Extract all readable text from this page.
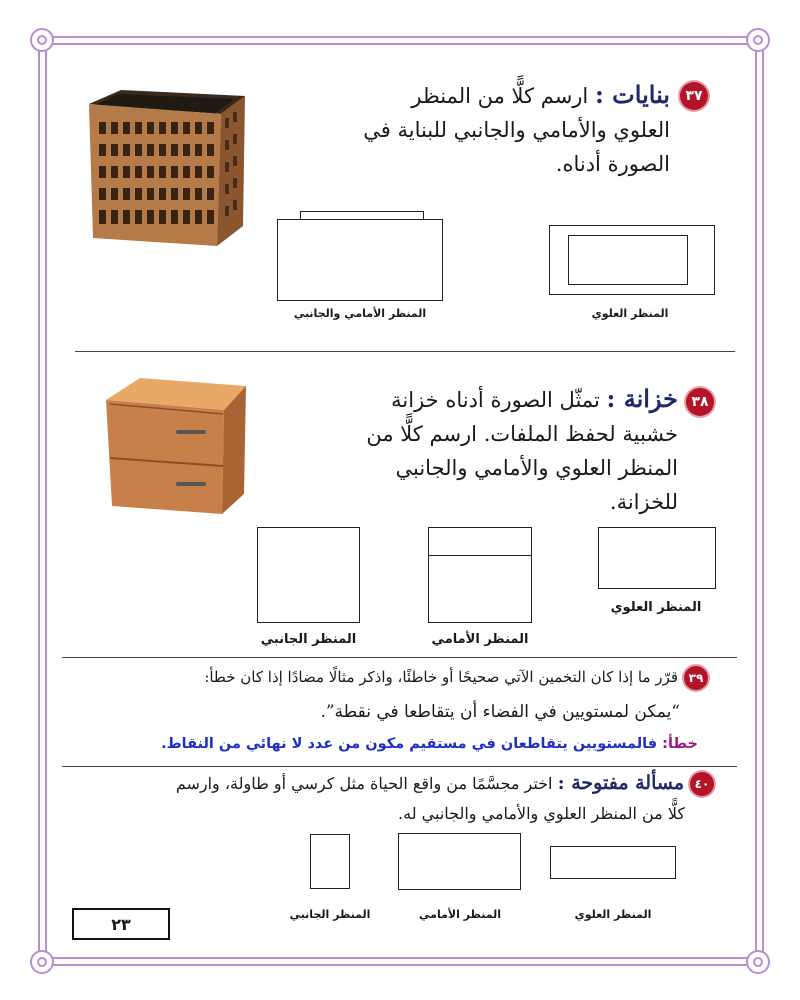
٣٧
بنايات : ارسم كلًّا من المنظر
العلوي والأمامي والجانبي للبناية في
الصورة أدناه.
المنظر الأمامي والجانبي	المنظر العلوي
٣٨
خزانة : تمثّل الصورة أدناه خزانة
خشبية لحفظ الملفات. ارسم كلًّا من
المنظر العلوي والأمامي والجانبي
للخزانة.
المنظر الجانبي	المنظر الأمامي
المنظر العلوي
٣٩
قرّر ما إذا كان التخمين الآتي صحيحًا أو خاطئًا، واذكر مثالًا مضادًا إذا كان خطأ:
“يمكن لمستويين في الفضاء أن يتقاطعا في نقطة”.
خطأ: فالمستويين يتقاطعان في مستقيم مكون من عدد لا نهائي من النقاط.
٤٠
مسألة مفتوحة : اختر مجسَّمًا من واقع الحياة مثل كرسي أو طاولة، وارسم
كلًّا من المنظر العلوي والأمامي والجانبي له.
المنظر الجانبي	المنظر الأمامي	المنظر العلوي
٢٣
